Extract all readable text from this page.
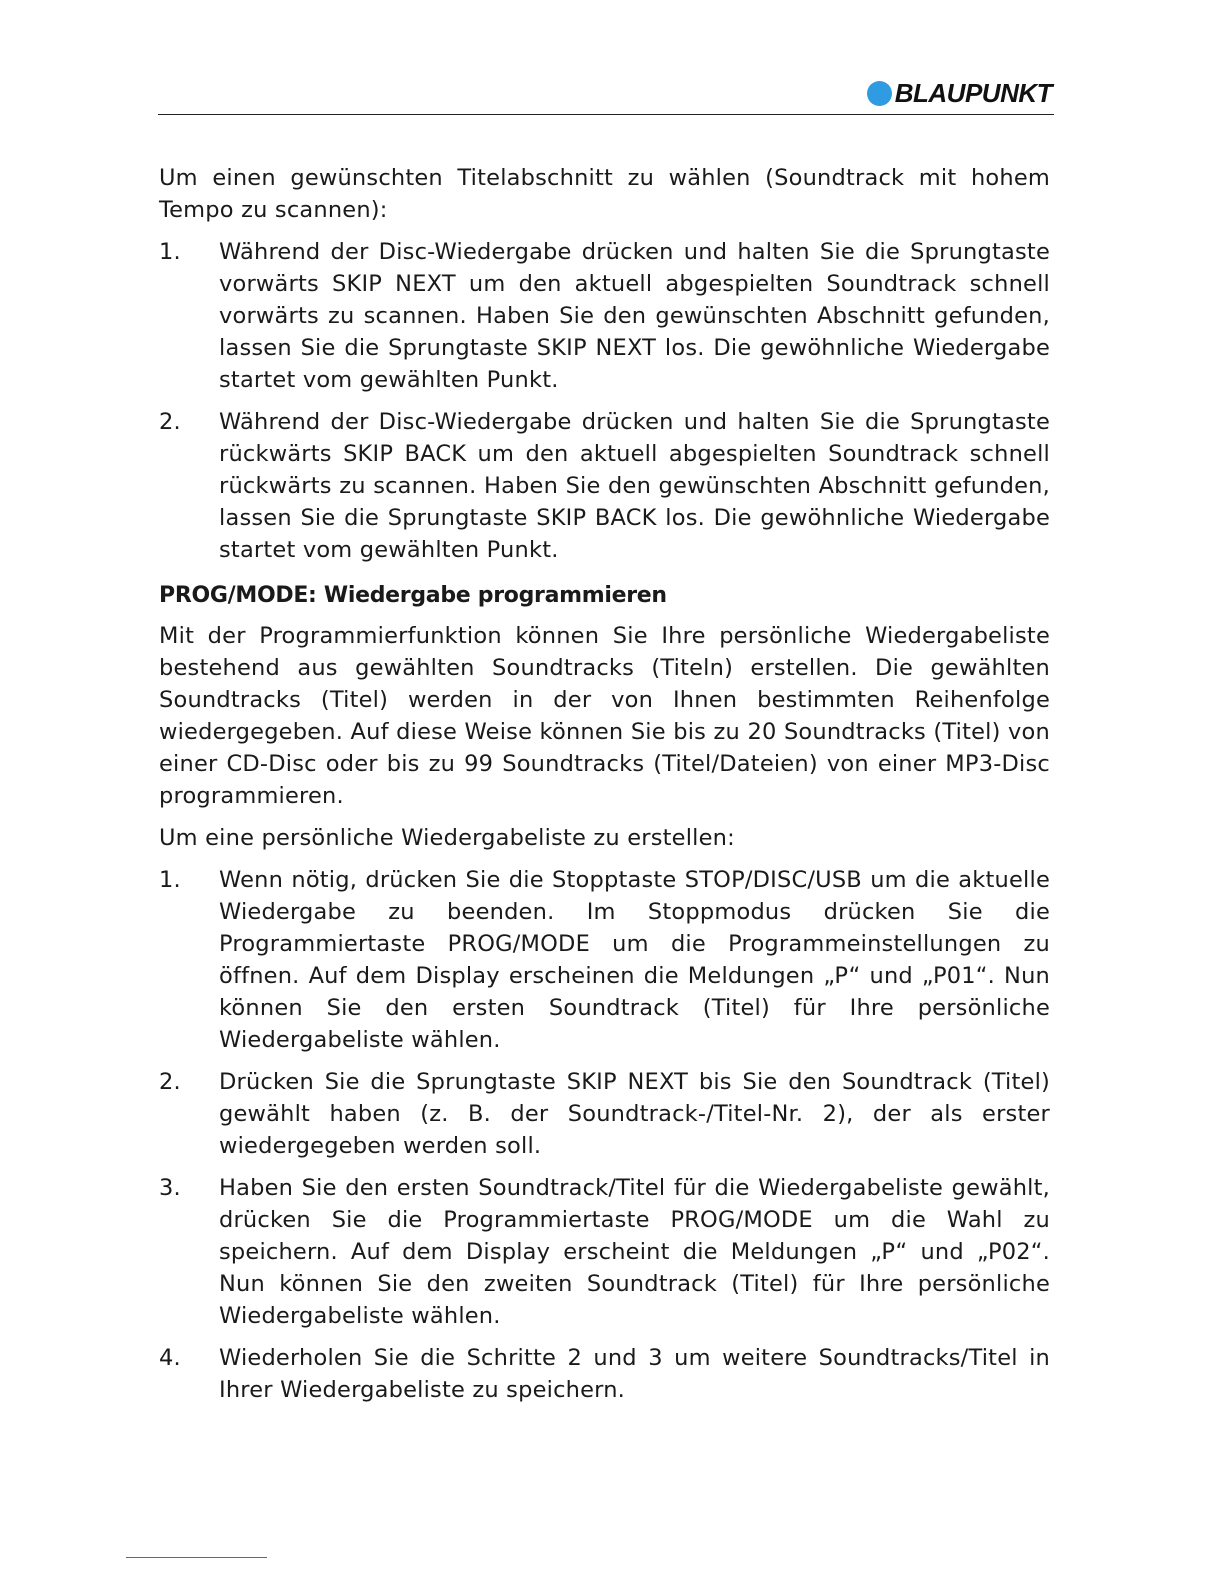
BLAUPUNKT

Um einen gewünschten Titelabschnitt zu wählen (Soundtrack mit hohem Tempo zu scannen):

1. Während der Disc-Wiedergabe drücken und halten Sie die Sprungtaste vorwärts SKIP NEXT um den aktuell abgespielten Soundtrack schnell vorwärts zu scannen. Haben Sie den gewünschten Abschnitt gefunden, lassen Sie die Sprungtaste SKIP NEXT los. Die gewöhnliche Wiedergabe startet vom gewählten Punkt.
2. Während der Disc-Wiedergabe drücken und halten Sie die Sprungtaste rückwärts SKIP BACK um den aktuell abgespielten Soundtrack schnell rückwärts zu scannen. Haben Sie den gewünschten Abschnitt gefunden, lassen Sie die Sprungtaste SKIP BACK los. Die gewöhnliche Wiedergabe startet vom gewählten Punkt.
PROG/MODE: Wiedergabe programmieren

Mit der Programmierfunktion können Sie Ihre persönliche Wiedergabeliste bestehend aus gewählten Soundtracks (Titeln) erstellen. Die gewählten Soundtracks (Titel) werden in der von Ihnen bestimmten Reihenfolge wiedergegeben. Auf diese Weise können Sie bis zu 20 Soundtracks (Titel) von einer CD-Disc oder bis zu 99 Soundtracks (Titel/Dateien) von einer MP3-Disc programmieren.

Um eine persönliche Wiedergabeliste zu erstellen:

1. Wenn nötig, drücken Sie die Stopptaste STOP/DISC/USB um die aktuelle Wiedergabe zu beenden. Im Stoppmodus drücken Sie die Programmiertaste PROG/MODE um die Programmeinstellungen zu öffnen. Auf dem Display erscheinen die Meldungen „P“ und „P01“. Nun können Sie den ersten Soundtrack (Titel) für Ihre persönliche Wiedergabeliste wählen.
2. Drücken Sie die Sprungtaste SKIP NEXT bis Sie den Soundtrack (Titel) gewählt haben (z. B. der Soundtrack-/Titel-Nr. 2), der als erster wiedergegeben werden soll.
3. Haben Sie den ersten Soundtrack/Titel für die Wiedergabeliste gewählt, drücken Sie die Programmiertaste PROG/MODE um die Wahl zu speichern. Auf dem Display erscheint die Meldungen „P“ und „P02“. Nun können Sie den zweiten Soundtrack (Titel) für Ihre persönliche Wiedergabeliste wählen.
4. Wiederholen Sie die Schritte 2 und 3 um weitere Soundtracks/Titel in Ihrer Wiedergabeliste zu speichern.
